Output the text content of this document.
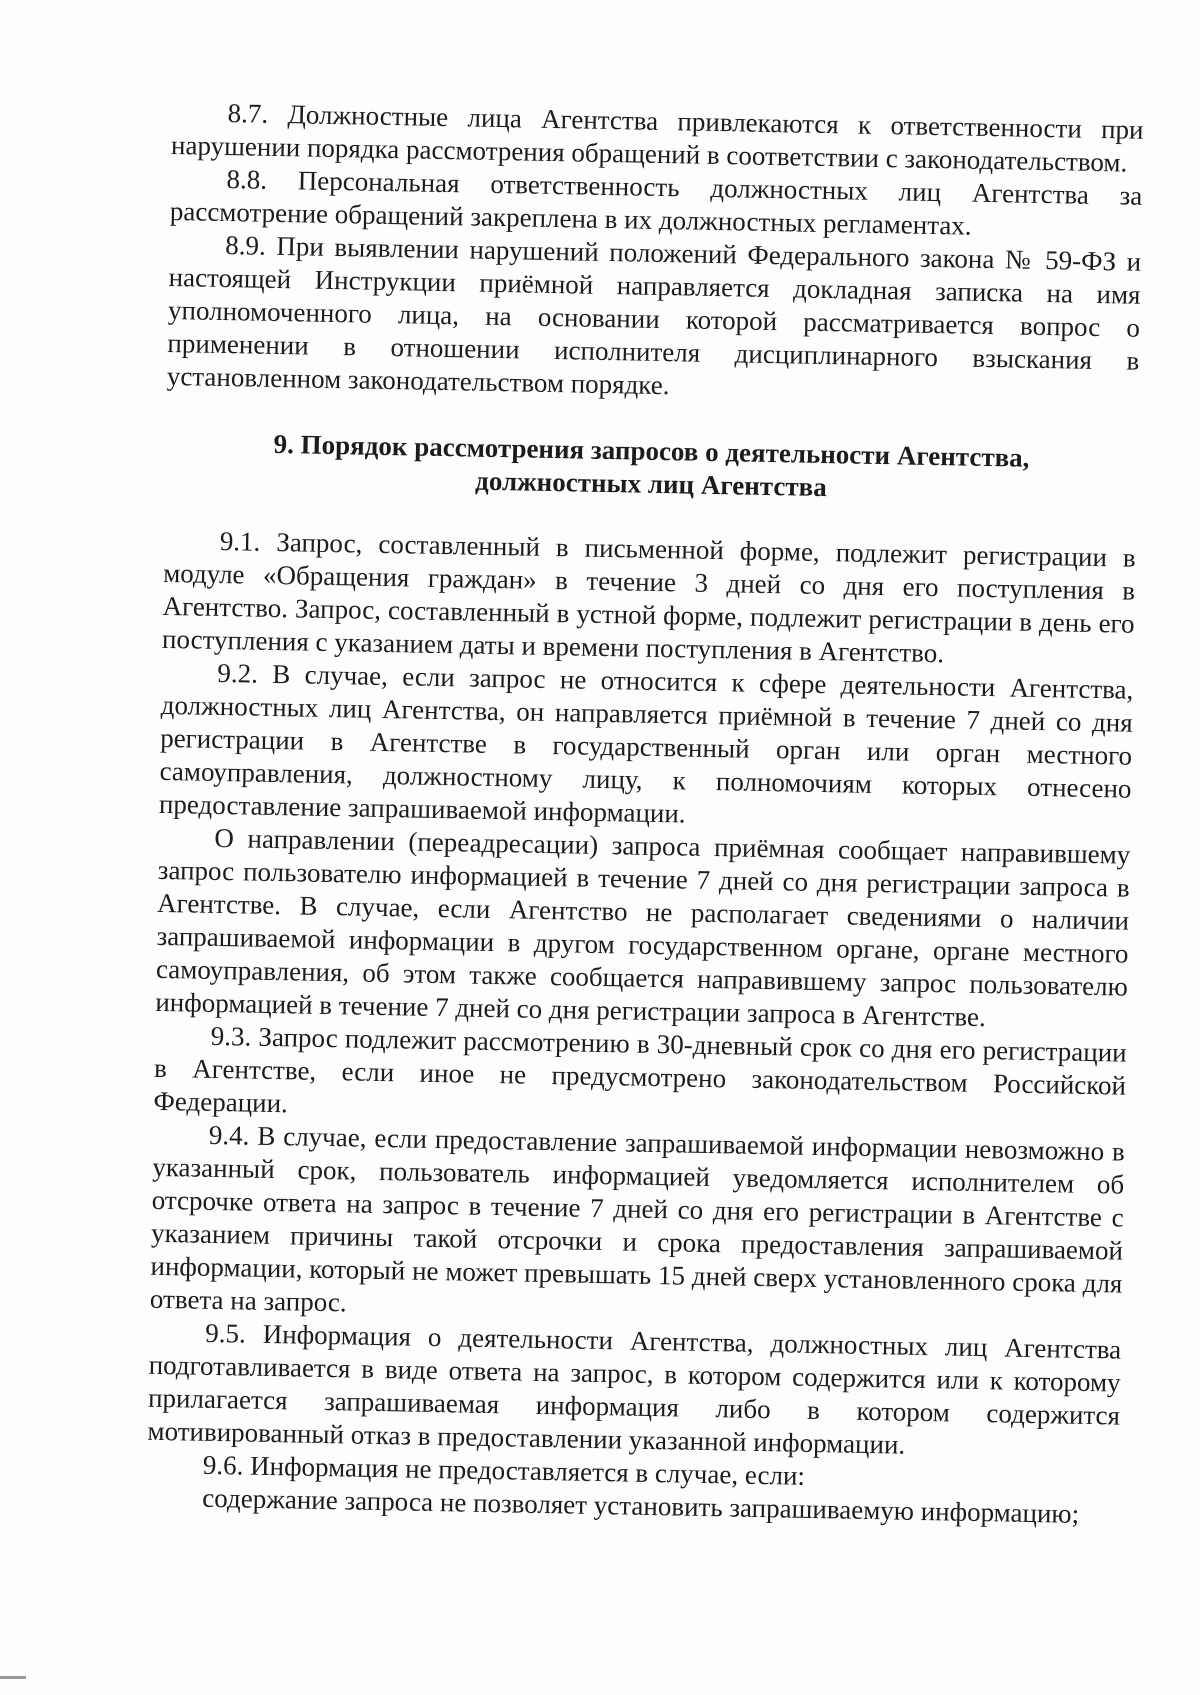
8.7. Должностные лица Агентства привлекаются к ответственности при нарушении порядка рассмотрения обращений в соответствии с законодательством.

8.8. Персональная ответственность должностных лиц Агентства за рассмотрение обращений закреплена в их должностных регламентах.

8.9. При выявлении нарушений положений Федерального закона № 59-ФЗ и настоящей Инструкции приёмной направляется докладная записка на имя уполномоченного лица, на основании которой рассматривается вопрос о применении в отношении исполнителя дисциплинарного взыскания в установленном законодательством порядке.

9. Порядок рассмотрения запросов о деятельности Агентства,
должностных лиц Агентства

9.1. Запрос, составленный в письменной форме, подлежит регистрации в модуле «Обращения граждан» в течение 3 дней со дня его поступления в Агентство. Запрос, составленный в устной форме, подлежит регистрации в день его поступления с указанием даты и времени поступления в Агентство.

9.2. В случае, если запрос не относится к сфере деятельности Агентства, должностных лиц Агентства, он направляется приёмной в течение 7 дней со дня регистрации в Агентстве в государственный орган или орган местного самоуправления, должностному лицу, к полномочиям которых отнесено предоставление запрашиваемой информации.

О направлении (переадресации) запроса приёмная сообщает направившему запрос пользователю информацией в течение 7 дней со дня регистрации запроса в Агентстве. В случае, если Агентство не располагает сведениями о наличии запрашиваемой информации в другом государственном органе, органе местного самоуправления, об этом также сообщается направившему запрос пользователю информацией в течение 7 дней со дня регистрации запроса в Агентстве.

9.3. Запрос подлежит рассмотрению в 30-дневный срок со дня его регистрации в Агентстве, если иное не предусмотрено законодательством Российской Федерации.

9.4. В случае, если предоставление запрашиваемой информации невозможно в указанный срок, пользователь информацией уведомляется исполнителем об отсрочке ответа на запрос в течение 7 дней со дня его регистрации в Агентстве с указанием причины такой отсрочки и срока предоставления запрашиваемой информации, который не может превышать 15 дней сверх установленного срока для ответа на запрос.

9.5. Информация о деятельности Агентства, должностных лиц Агентства подготавливается в виде ответа на запрос, в котором содержится или к которому прилагается запрашиваемая информация либо в котором содержится мотивированный отказ в предоставлении указанной информации.

9.6. Информация не предоставляется в случае, если:

содержание запроса не позволяет установить запрашиваемую информацию;
